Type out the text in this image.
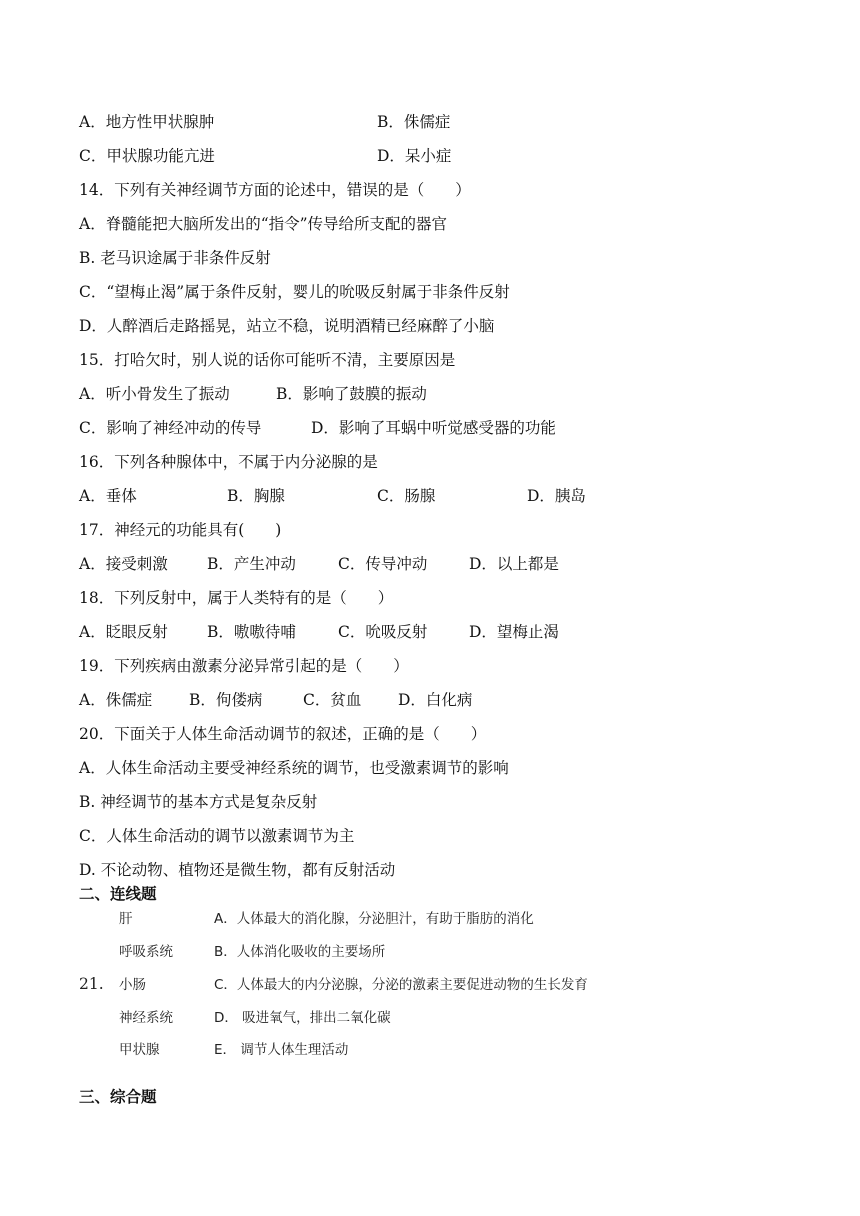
A．地方性甲状腺肿	B．侏儒症
C．甲状腺功能亢进	D．呆小症
14．下列有关神经调节方面的论述中，错误的是（　　）
A．脊髓能把大脑所发出的“指令”传导给所支配的器官
B. 老马识途属于非条件反射
C．“望梅止渴”属于条件反射，婴儿的吮吸反射属于非条件反射
D．人醉酒后走路摇晃，站立不稳，说明酒精已经麻醉了小脑
15．打哈欠时，别人说的话你可能听不清，主要原因是
A．听小骨发生了振动	B．影响了鼓膜的振动
C．影响了神经冲动的传导	D．影响了耳蜗中听觉感受器的功能
16．下列各种腺体中，不属于内分泌腺的是
A．垂体	B．胸腺	C．肠腺	D．胰岛
17．神经元的功能具有(　　)
A．接受刺激	B．产生冲动	C．传导冲动	D．以上都是
18．下列反射中，属于人类特有的是（　　）
A．眨眼反射	B．嗷嗷待哺	C．吮吸反射	D．望梅止渴
19．下列疾病由激素分泌异常引起的是（　　）
A．侏儒症 B．佝偻病	C．贫血 D．白化病
20．下面关于人体生命活动调节的叙述，正确的是（　　）
A．人体生命活动主要受神经系统的调节，也受激素调节的影响
B. 神经调节的基本方式是复杂反射
C．人体生命活动的调节以激素调节为主
D. 不论动物、植物还是微生物，都有反射活动
二、连线题
肝	A．人体最大的消化腺，分泌胆汁，有助于脂肪的消化
呼吸系统	B．人体消化吸收的主要场所
21. 小肠	C．人体最大的内分泌腺，分泌的激素主要促进动物的生长发育
神经系统	D． 吸进氧气，排出二氧化碳
甲状腺	E． 调节人体生理活动
三、综合题
